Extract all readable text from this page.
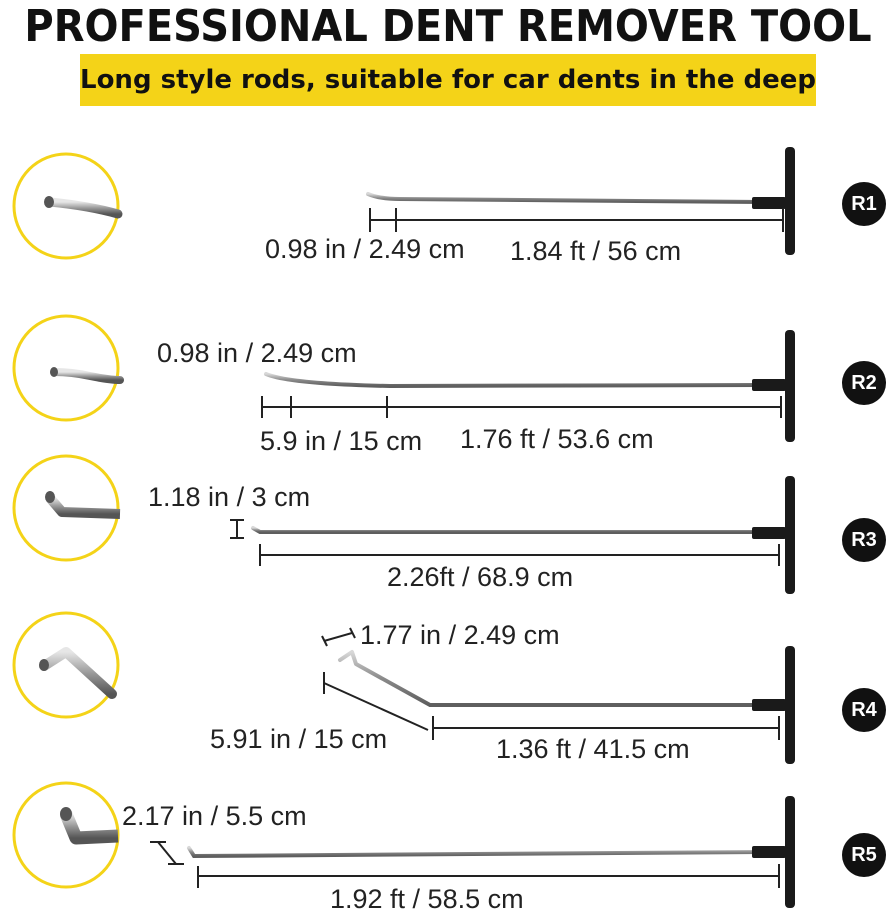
PROFESSIONAL DENT REMOVER TOOL
Long style rods, suitable for car dents in the deep
0.98 in / 2.49 cm 1.84 ft / 56 cm
R1
0.98 in / 2.49 cm
5.9 in / 15 cm 1.76 ft / 53.6 cm
R2
1.18 in / 3 cm
2.26ft / 68.9 cm
R3
1.77 in / 2.49 cm
5.91 in / 15 cm	1.36 ft / 41.5 cm
R4
2.17 in / 5.5 cm
1.92 ft / 58.5 cm
R5
